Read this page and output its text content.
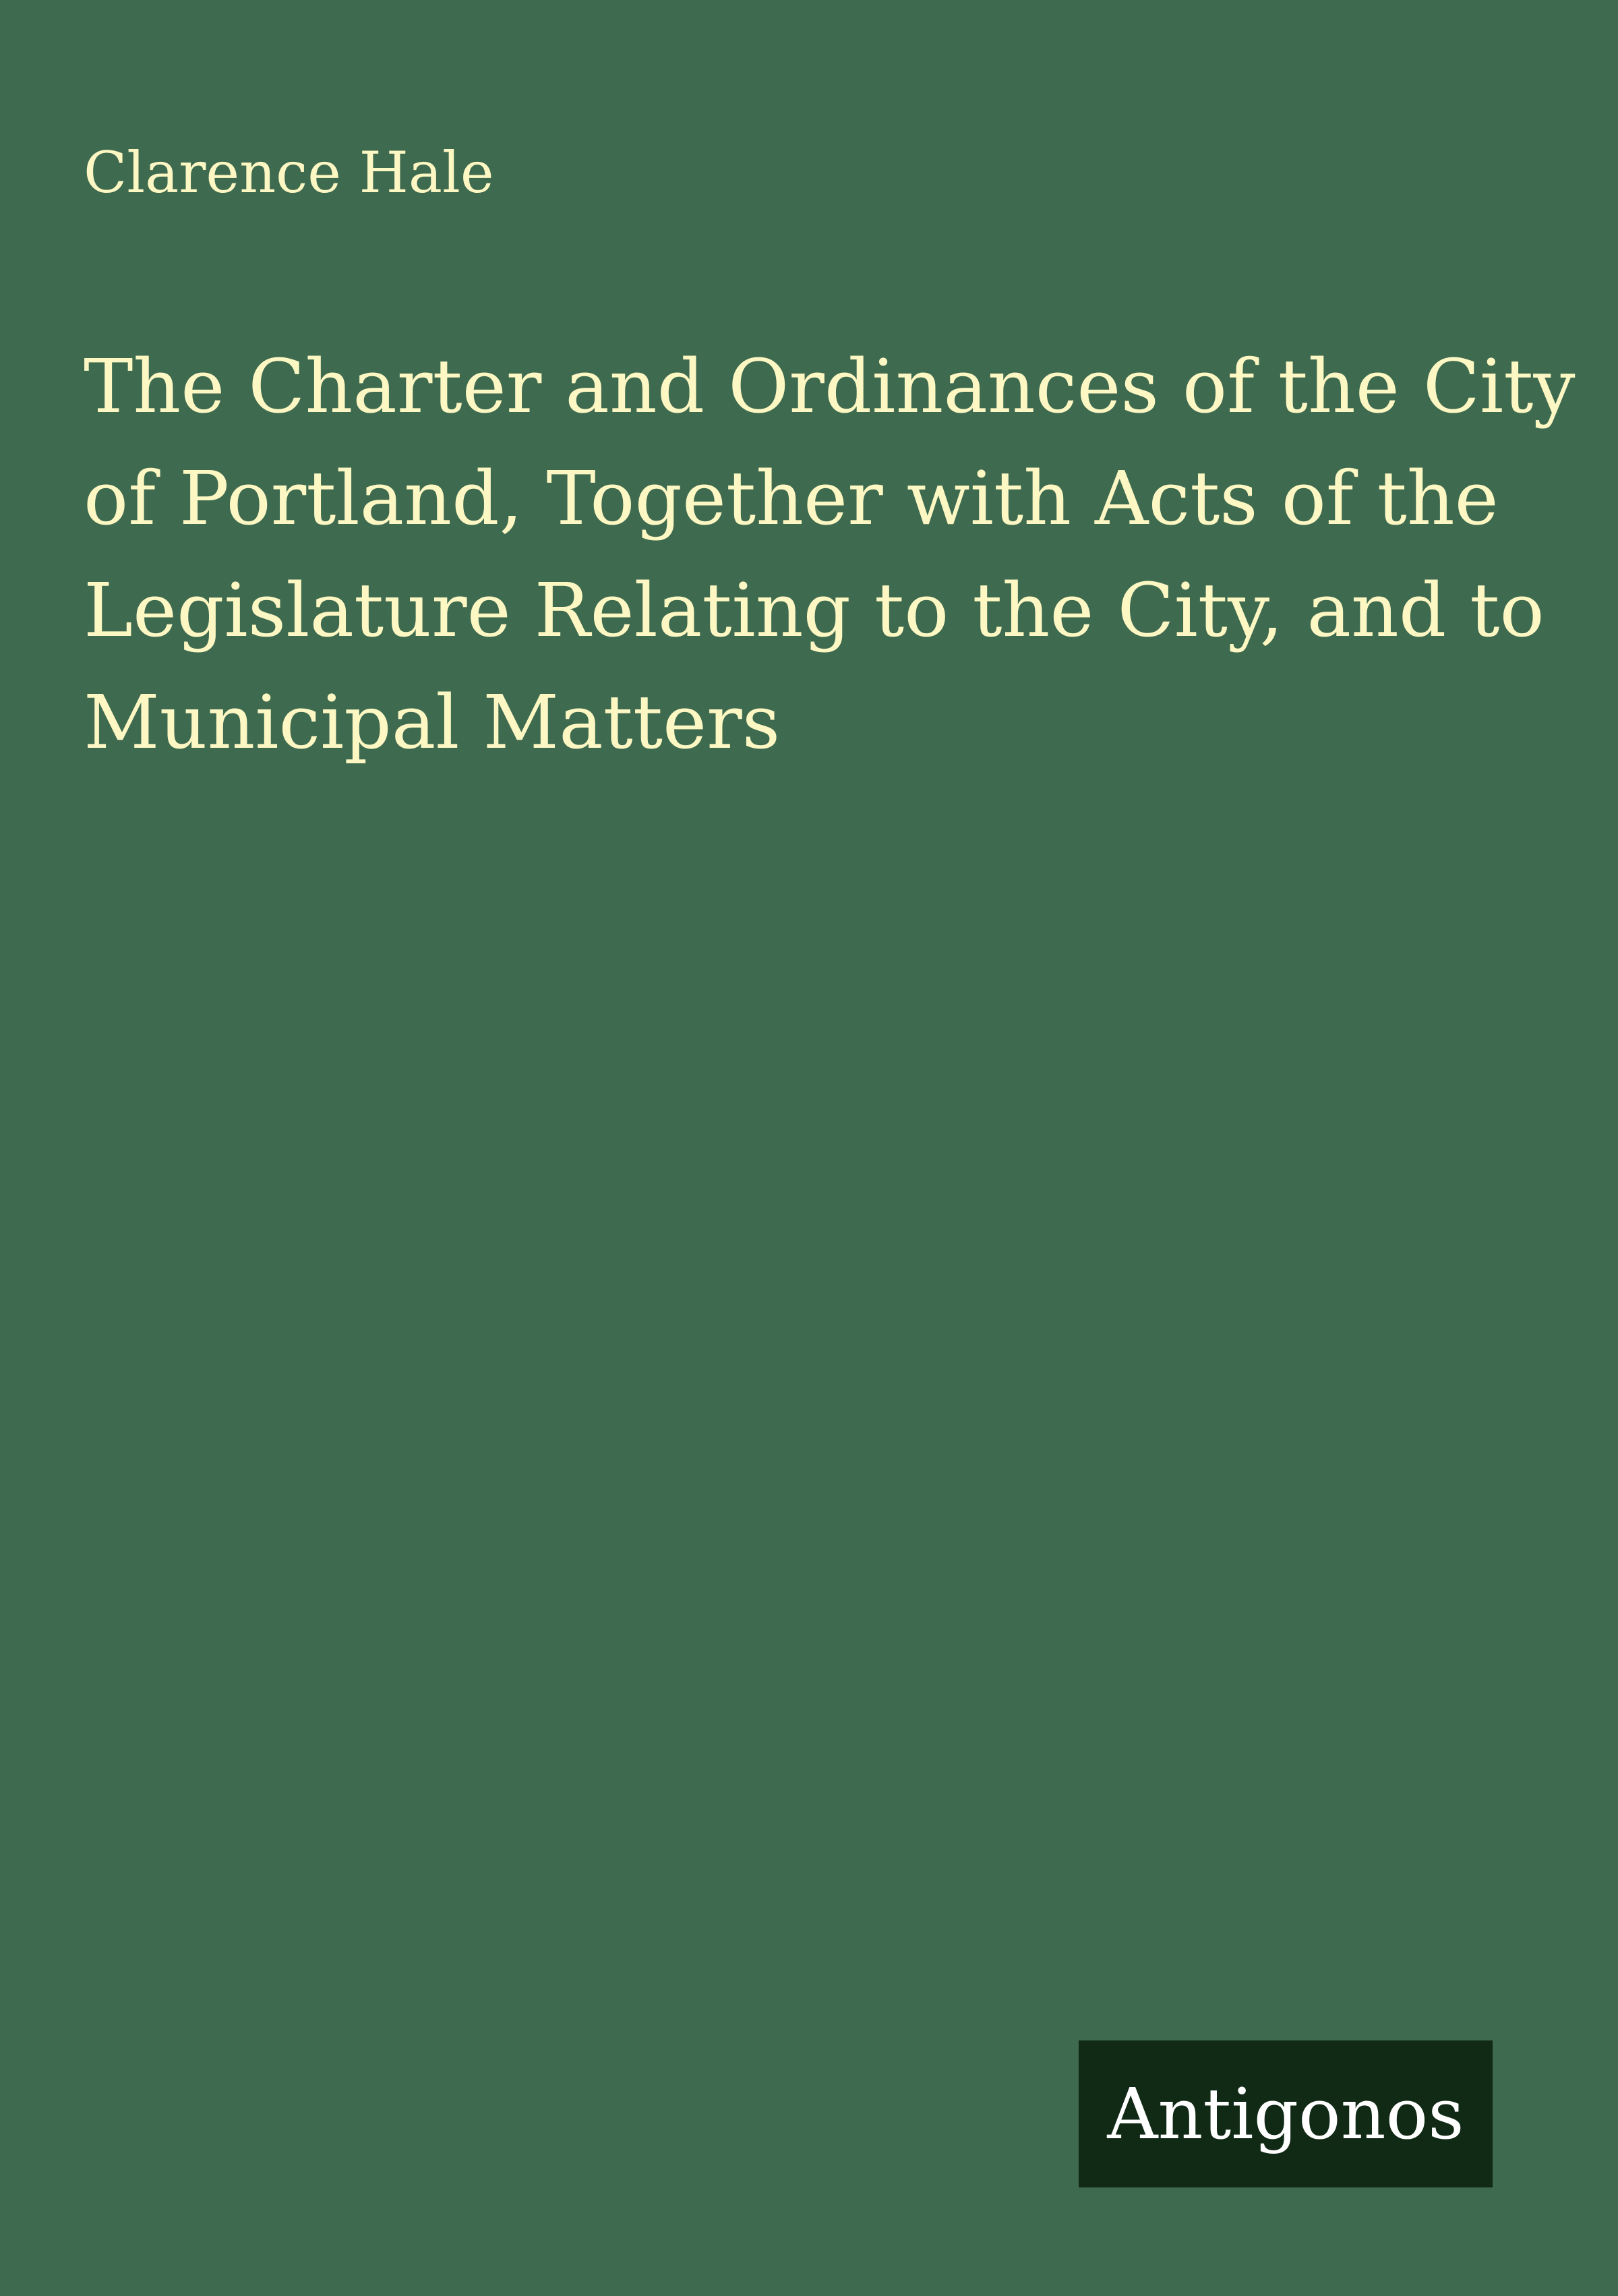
Clarence Hale
The Charter and Ordinances of the City
of Portland, Together with Acts of the
Legislature Relating to the City, and to
Municipal Matters
Antigonos
